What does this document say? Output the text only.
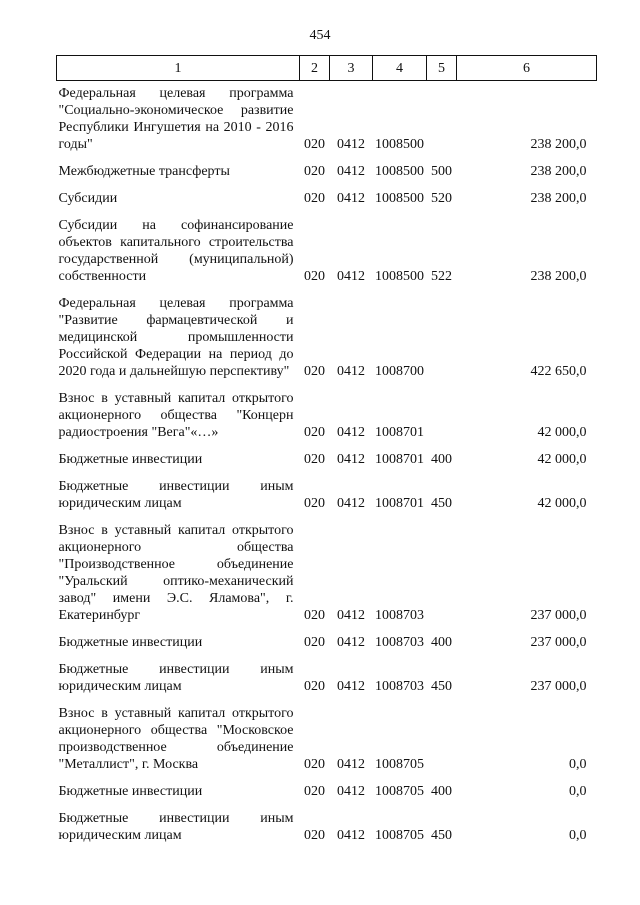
454
1	2	3	4	5	6
Федеральная целевая программа "Социально-экономическое развитие Республики Ингушетия на 2010 - 2016 годы"	020	0412	1008500		238 200,0
Межбюджетные трансферты	020	0412	1008500	500	238 200,0
Субсидии	020	0412	1008500	520	238 200,0
Субсидии на софинансирование объектов капитального строительства государственной (муниципальной) собственности	020	0412	1008500	522	238 200,0
Федеральная целевая программа "Развитие фармацевтической и медицинской промышленности Российской Федерации на период до 2020 года и дальнейшую перспективу"	020	0412	1008700		422 650,0
Взнос в уставный капитал открытого акционерного общества "Концерн радиостроения "Вега"«…»	020	0412	1008701		42 000,0
Бюджетные инвестиции	020	0412	1008701	400	42 000,0
Бюджетные инвестиции иным юридическим лицам	020	0412	1008701	450	42 000,0
Взнос в уставный капитал открытого акционерного общества "Производственное объединение "Уральский оптико-механический завод" имени Э.С. Яламова", г. Екатеринбург	020	0412	1008703		237 000,0
Бюджетные инвестиции	020	0412	1008703	400	237 000,0
Бюджетные инвестиции иным юридическим лицам	020	0412	1008703	450	237 000,0
Взнос в уставный капитал открытого акционерного общества "Московское производственное объединение "Металлист", г. Москва	020	0412	1008705		0,0
Бюджетные инвестиции	020	0412	1008705	400	0,0
Бюджетные инвестиции иным юридическим лицам	020	0412	1008705	450	0,0
